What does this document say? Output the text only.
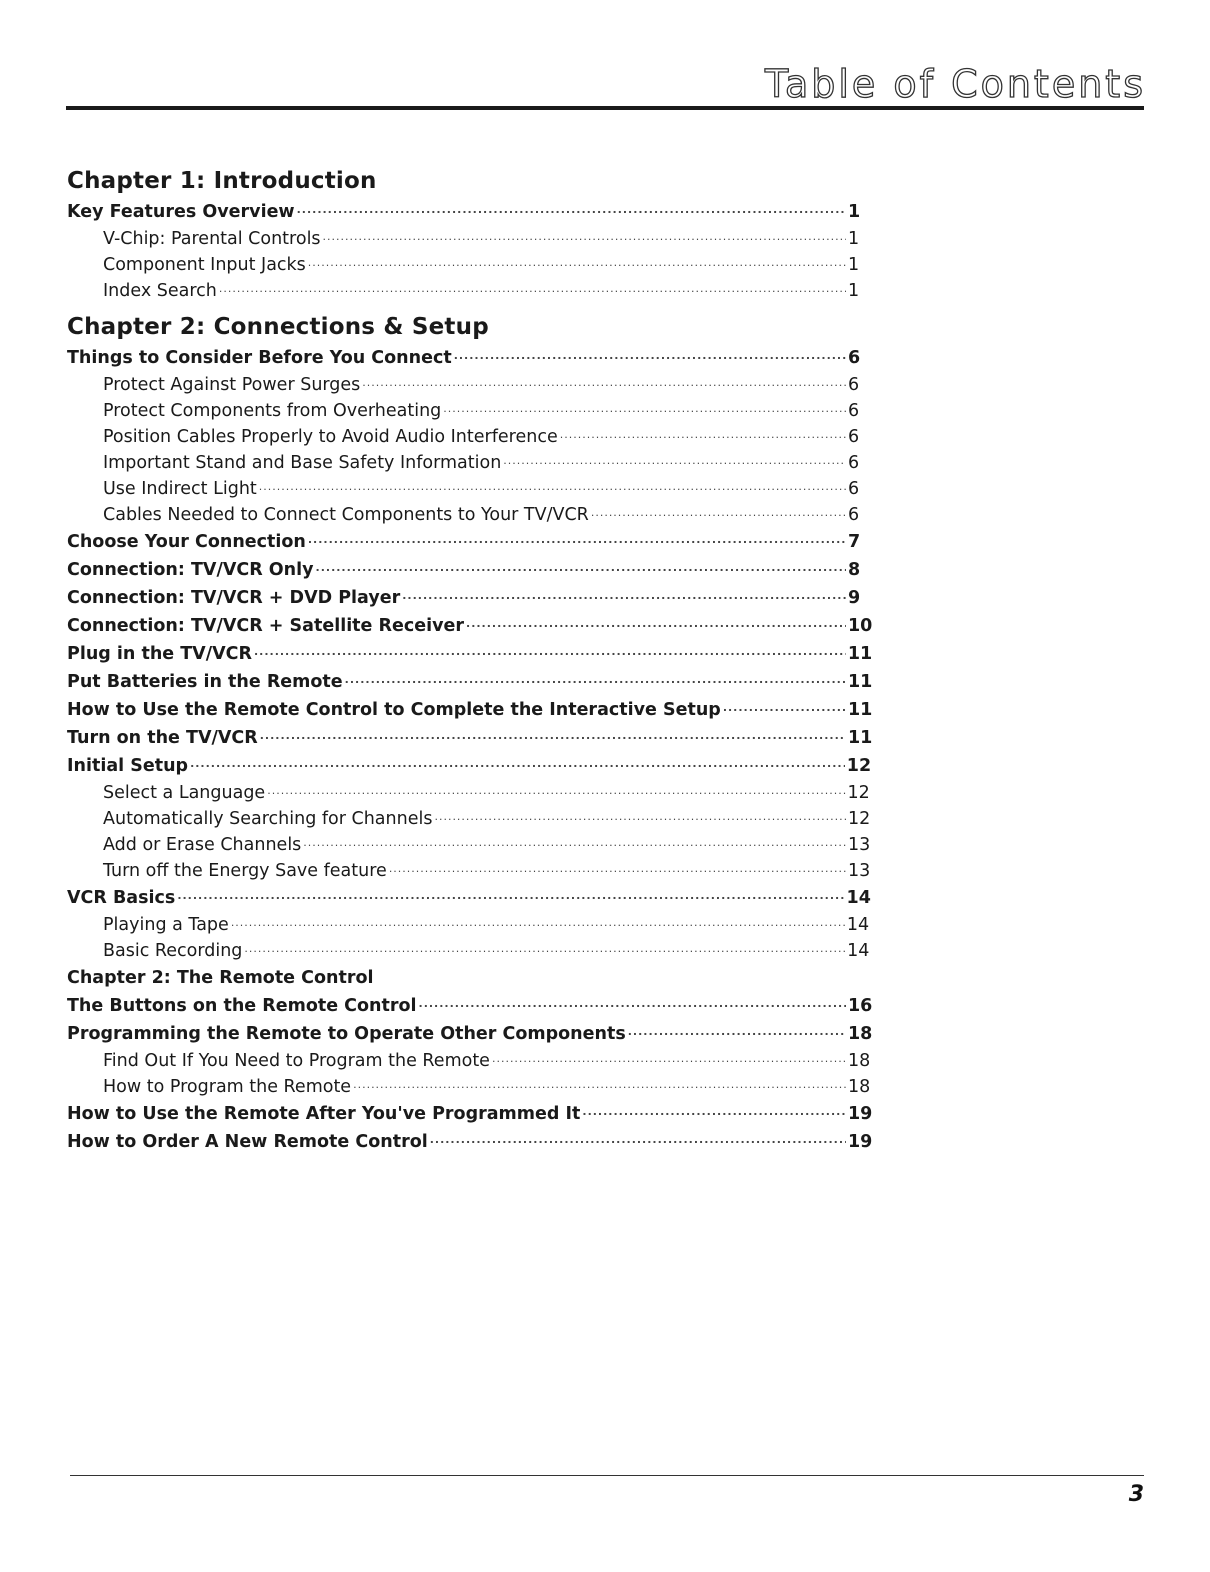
Table of Contents
Chapter 1: Introduction
Key Features Overview .....	1
V-Chip: Parental Controls .....	1
Component Input Jacks .....	1
Index Search .....	1
Chapter 2: Connections & Setup
Things to Consider Before You Connect .....	6
Protect Against Power Surges .....	6
Protect Components from Overheating .....	6
Position Cables Properly to Avoid Audio Interference .....	6
Important Stand and Base Safety Information .....	6
Use Indirect Light .....	6
Cables Needed to Connect Components to Your TV/VCR .....	6
Choose Your Connection .....	7
Connection: TV/VCR Only .....	8
Connection: TV/VCR + DVD Player .....	9
Connection: TV/VCR + Satellite Receiver .....	10
Plug in the TV/VCR .....	11
Put Batteries in the Remote .....	11
How to Use the Remote Control to Complete the Interactive Setup .....	11
Turn on the TV/VCR .....	11
Initial Setup .....	12
Select a Language .....	12
Automatically Searching for Channels .....	12
Add or Erase Channels .....	13
Turn off the Energy Save feature .....	13
VCR Basics .....	14
Playing a Tape .....	14
Basic Recording .....	14
Chapter 2: The Remote Control
The Buttons on the Remote Control .....	16
Programming the Remote to Operate Other Components .....	18
Find Out If You Need to Program the Remote .....	18
How to Program the Remote .....	18
How to Use the Remote After You've Programmed It .....	19
How to Order A New Remote Control .....	19
3
